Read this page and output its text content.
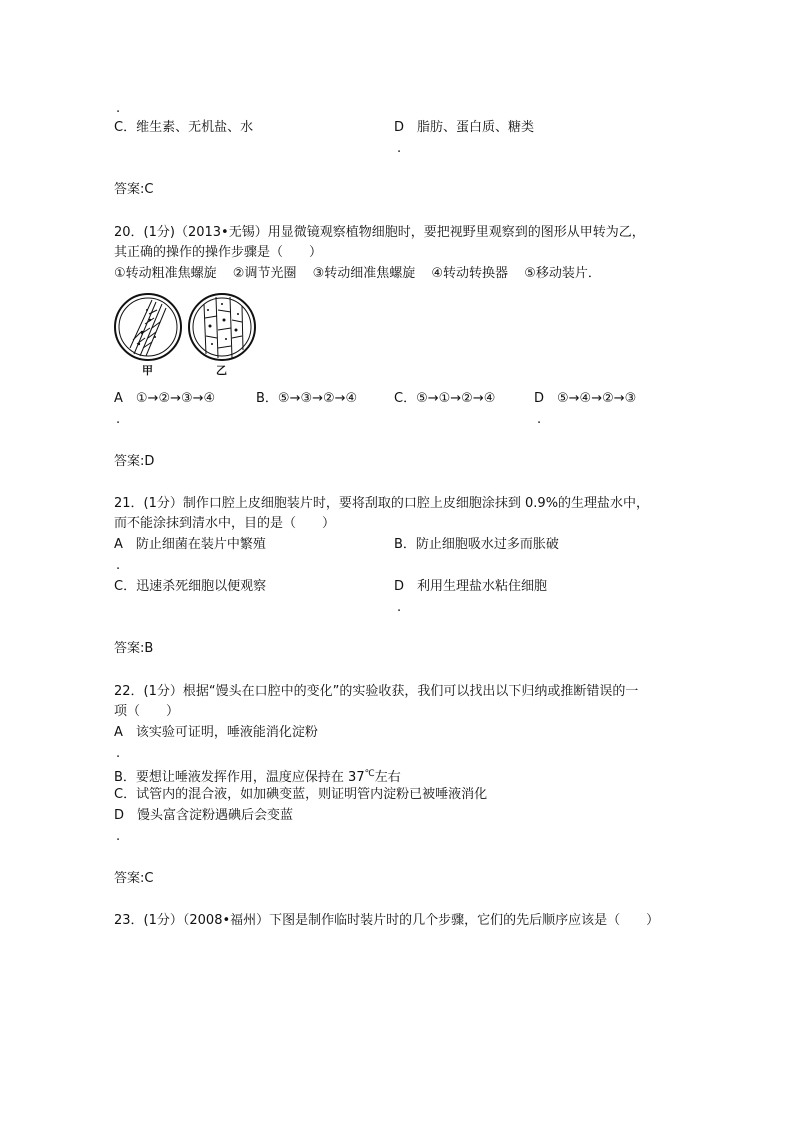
.
C．维生素、无机盐、水	D　脂肪、蛋白质、糖类
.
答案:C
20．(1分)（2013•无锡）用显微镜观察植物细胞时，要把视野里观察到的图形从甲转为乙，
其正确的操作的操作步骤是（　　）
①转动粗准焦螺旋 ②调节光圈 ③转动细准焦螺旋 ④转动转换器 ⑤移动装片．
甲	乙
A　①→②→③→④	B．⑤→③→②→④	C．⑤→①→②→④	D　⑤→④→②→③
.	.
答案:D
21．(1分）制作口腔上皮细胞装片时，要将刮取的口腔上皮细胞涂抹到 0.9%的生理盐水中，
而不能涂抹到清水中，目的是（　　）
A　防止细菌在装片中繁殖	B．防止细胞吸水过多而胀破
.
C．迅速杀死细胞以便观察	D　利用生理盐水粘住细胞
.
答案:B
22．(1分）根据“馒头在口腔中的变化”的实验收获，我们可以找出以下归纳或推断错误的一
项（　　）
A　该实验可证明，唾液能消化淀粉
.
B．要想让唾液发挥作用，温度应保持在 37℃左右
C．试管内的混合液，如加碘变蓝，则证明管内淀粉已被唾液消化
D　馒头富含淀粉遇碘后会变蓝
.
答案:C
23．(1分）（2008•福州）下图是制作临时装片时的几个步骤，它们的先后顺序应该是（　　）
